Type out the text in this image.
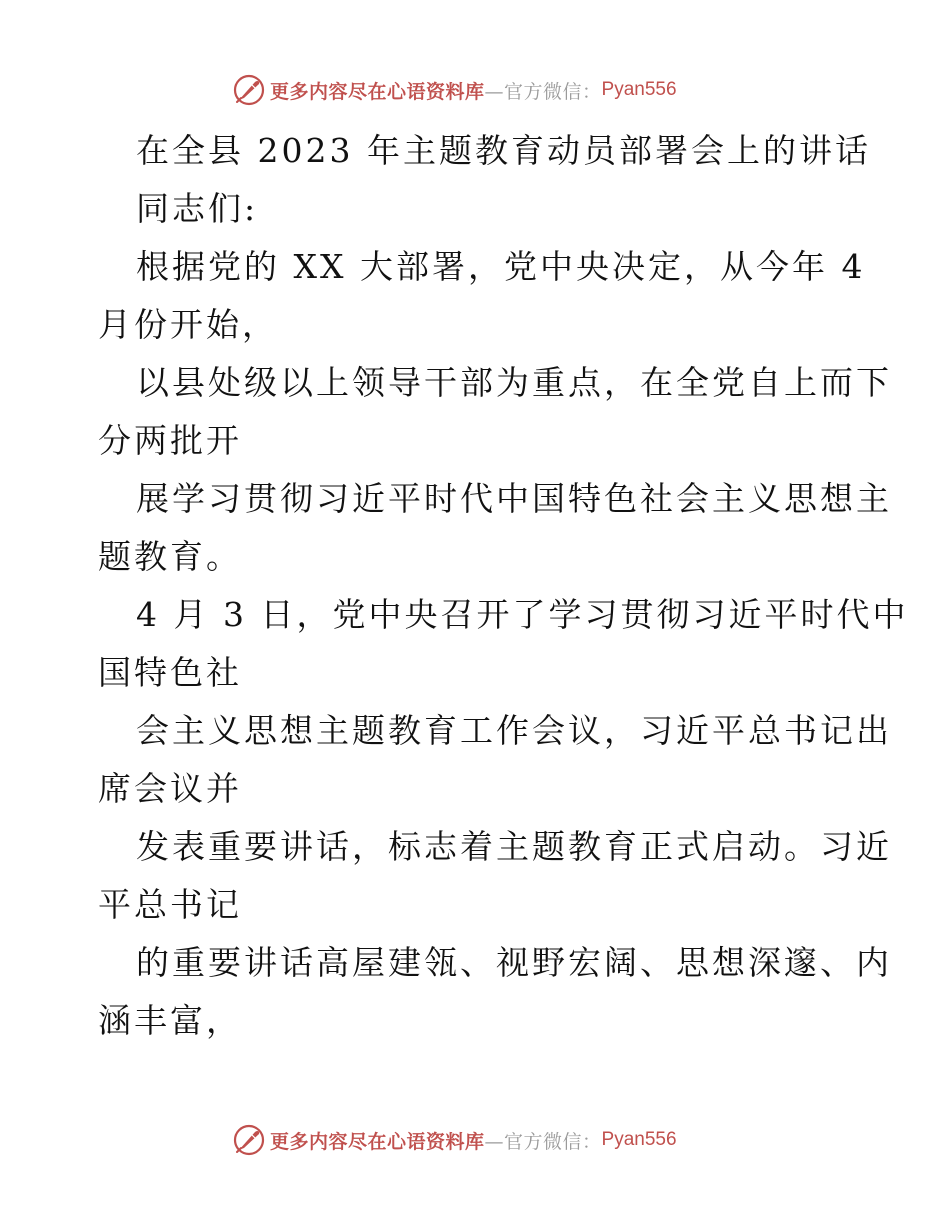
更多内容尽在心语资料库 —官方微信： Pyan556
在全县 2023 年主题教育动员部署会上的讲话
同志们:
根据党的 XX 大部署，党中央决定，从今年 4
月份开始，
以县处级以上领导干部为重点，在全党自上而下
分两批开
展学习贯彻习近平时代中国特色社会主义思想主
题教育。
4 月 3 日，党中央召开了学习贯彻习近平时代中
国特色社
会主义思想主题教育工作会议，习近平总书记出
席会议并
发表重要讲话，标志着主题教育正式启动。习近
平总书记
的重要讲话高屋建瓴、视野宏阔、思想深邃、内
涵丰富，
更多内容尽在心语资料库 —官方微信： Pyan556
